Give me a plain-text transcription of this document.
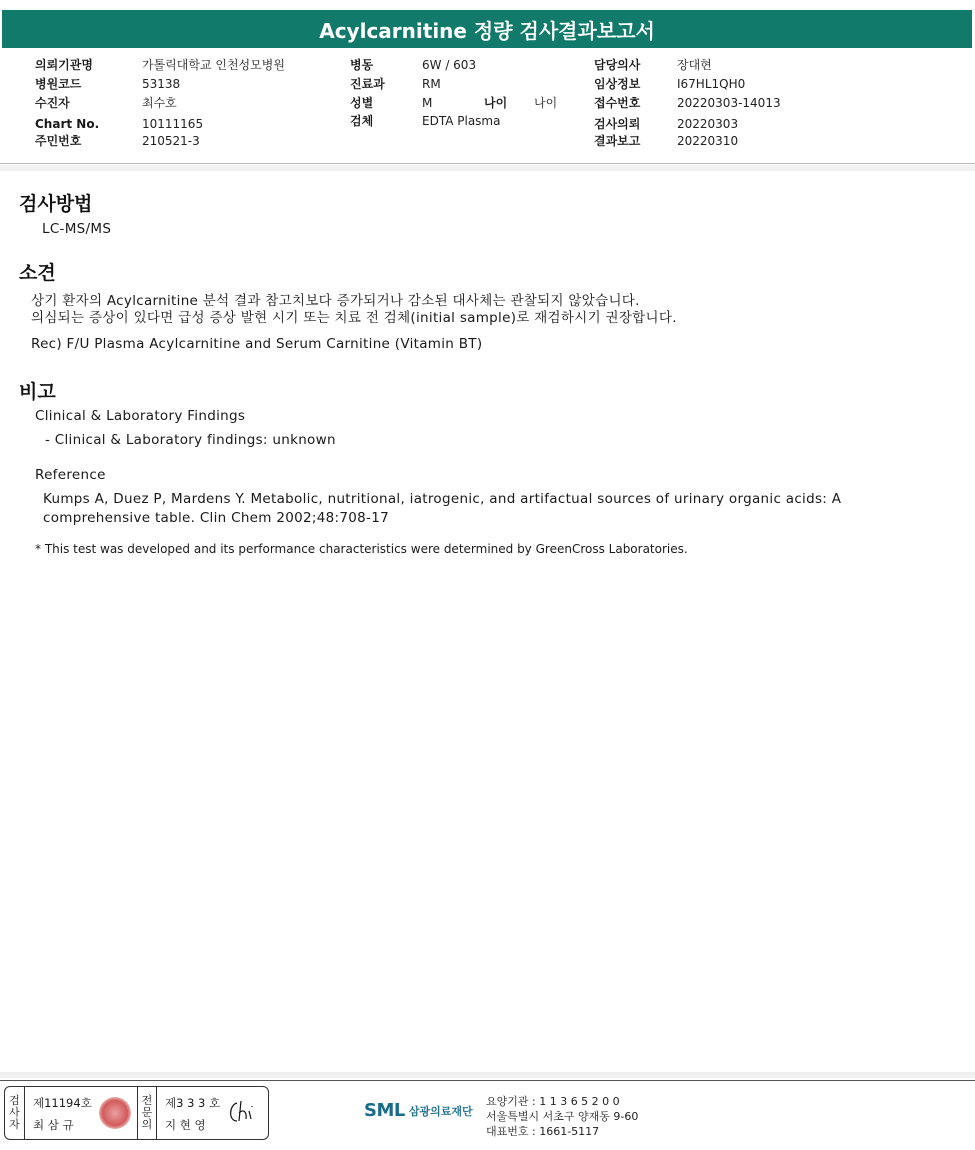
Acylcarnitine 정량 검사결과보고서
의뢰기관명	가톨릭대학교 인천성모병원
병원코드	53138
수진자	최수호
Chart No.	10111165
주민번호	210521-3
병동	6W / 603
진료과	RM
성별	M	나이 나이
검체	EDTA Plasma
담당의사	장대현
임상정보	I67HL1QH0
접수번호	20220303-14013
검사의뢰	20220303
결과보고	20220310
검사방법
LC-MS/MS
소견
상기 환자의 Acylcarnitine 분석 결과 참고치보다 증가되거나 감소된 대사체는 관찰되지 않았습니다.
의심되는 증상이 있다면 급성 증상 발현 시기 또는 치료 전 검체(initial sample)로 재검하시기 권장합니다.
Rec) F/U Plasma Acylcarnitine and Serum Carnitine (Vitamin BT)
비고
Clinical & Laboratory Findings
- Clinical & Laboratory findings: unknown
Reference
Kumps A, Duez P, Mardens Y. Metabolic, nutritional, iatrogenic, and artifactual sources of urinary organic acids: A
comprehensive table. Clin Chem 2002;48:708-17
* This test was developed and its performance characteristics were determined by GreenCross Laboratories.
검
사
자
제11194호
최 삼 규
전
문
의
제3 3 3 호
지 현 영
SML 삼광의료재단
요양기관 : 1 1 3 6 5 2 0 0
서울특별시 서초구 양재동 9-60
대표번호 : 1661-5117
